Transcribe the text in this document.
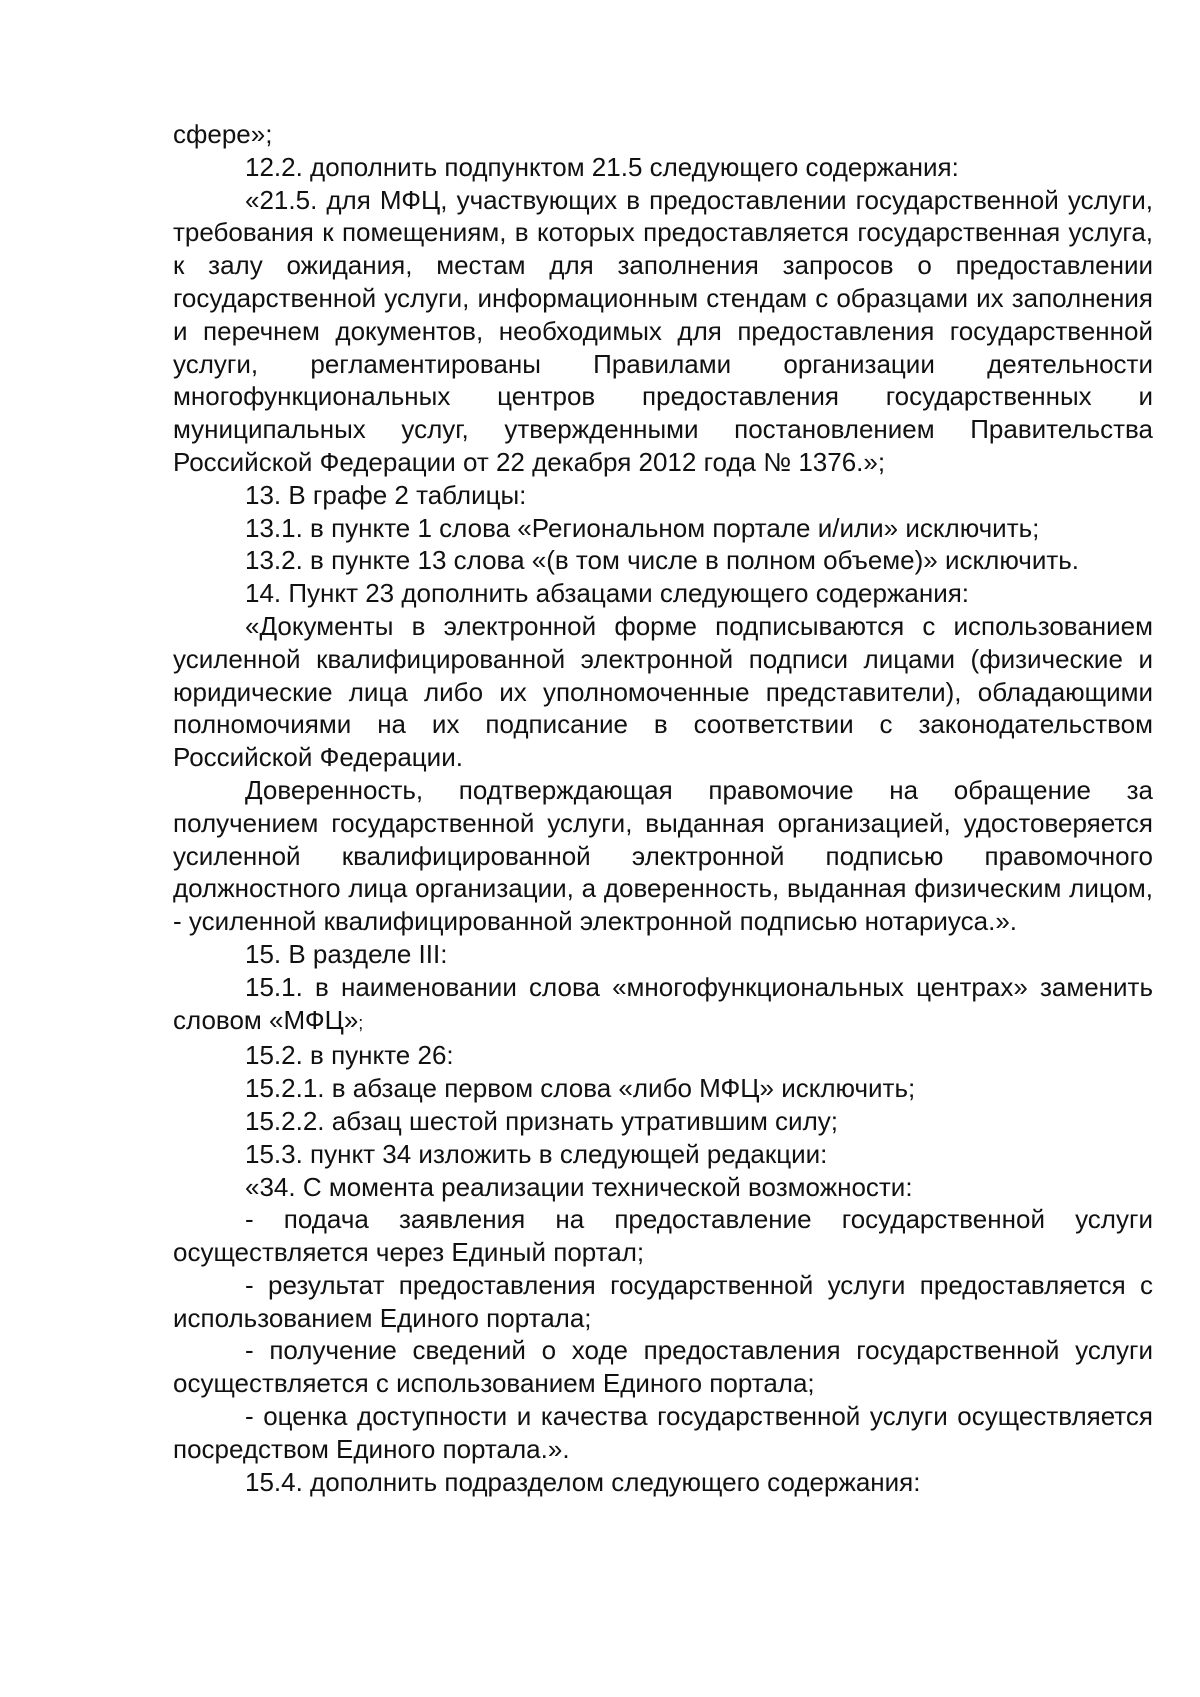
сфере»;

12.2. дополнить подпунктом 21.5 следующего содержания:

«21.5. для МФЦ, участвующих в предоставлении государственной услуги, требования к помещениям, в которых предоставляется государственная услуга, к залу ожидания, местам для заполнения запросов о предоставлении государственной услуги, информационным стендам с образцами их заполнения и перечнем документов, необходимых для предоставления государственной услуги, регламентированы Правилами организации деятельности многофункциональных центров предоставления государственных и муниципальных услуг, утвержденными постановлением Правительства Российской Федерации от 22 декабря 2012 года № 1376.»;

13. В графе 2 таблицы:

13.1. в пункте 1 слова «Региональном портале и/или» исключить;

13.2. в пункте 13 слова «(в том числе в полном объеме)» исключить.

14. Пункт 23 дополнить абзацами следующего содержания:

«Документы в электронной форме подписываются с использованием усиленной квалифицированной электронной подписи лицами (физические и юридические лица либо их уполномоченные представители), обладающими полномочиями на их подписание в соответствии с законодательством Российской Федерации.

Доверенность, подтверждающая правомочие на обращение за получением государственной услуги, выданная организацией, удостоверяется усиленной квалифицированной электронной подписью правомочного должностного лица организации, а доверенность, выданная физическим лицом, - усиленной квалифицированной электронной подписью нотариуса.».

15. В разделе III:

15.1. в наименовании слова «многофункциональных центрах» заменить словом «МФЦ»;

15.2. в пункте 26:

15.2.1. в абзаце первом слова «либо МФЦ» исключить;

15.2.2. абзац шестой признать утратившим силу;

15.3. пункт 34 изложить в следующей редакции:

«34. С момента реализации технической возможности:

- подача заявления на предоставление государственной услуги осуществляется через Единый портал;

- результат предоставления государственной услуги предоставляется с использованием Единого портала;

- получение сведений о ходе предоставления государственной услуги осуществляется с использованием Единого портала;

- оценка доступности и качества государственной услуги осуществляется посредством Единого портала.».

15.4. дополнить подразделом следующего содержания:
